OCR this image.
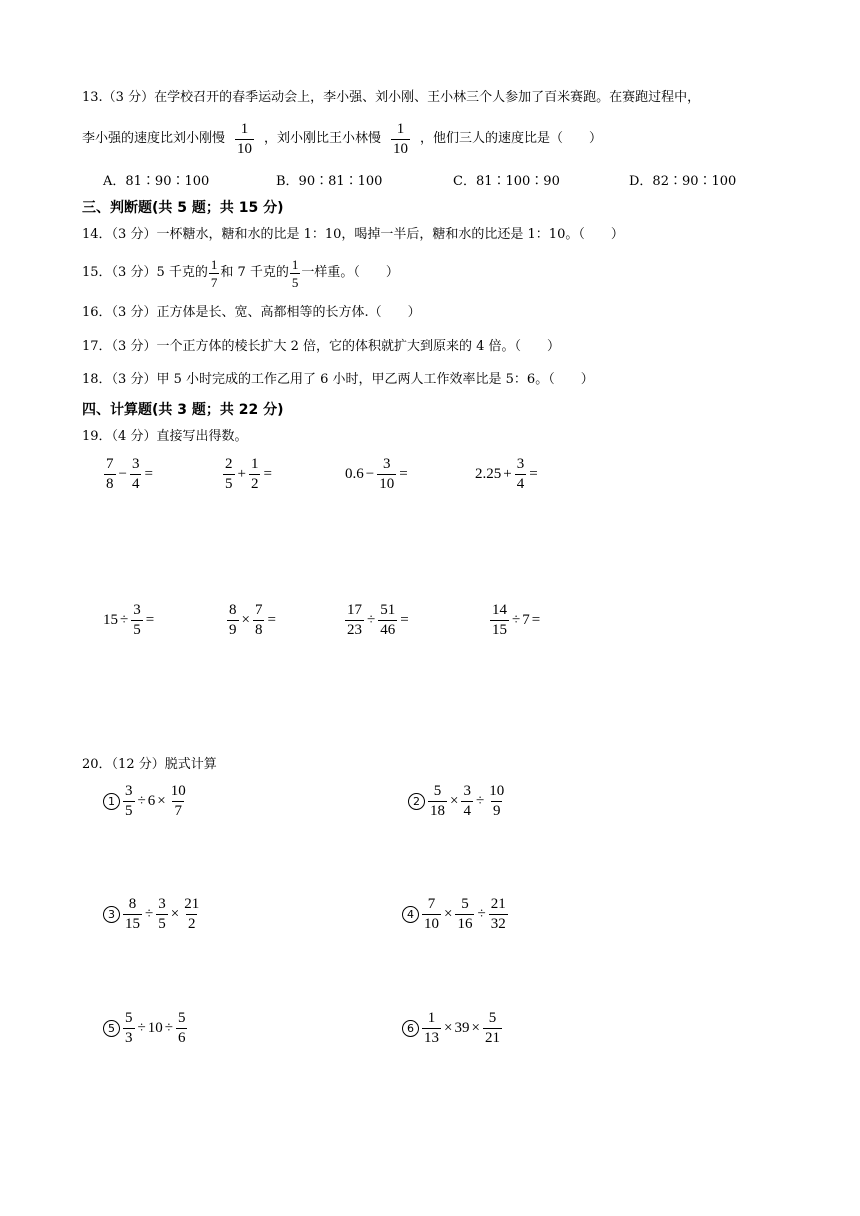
13.（3 分）在学校召开的春季运动会上，李小强、刘小刚、王小林三个人参加了百米赛跑。在赛跑过程中，
李小强的速度比刘小刚慢 $\frac{1}{10}$ ，刘小刚比王小林慢 $\frac{1}{10}$ ，他们三人的速度比是（　　）
A．81∶90∶100	B．90∶81∶100	C．81∶100∶90	D．82∶90∶100
三、判断题(共 5 题；共 15 分)
14．（3 分）一杯糖水，糖和水的比是 1：10，喝掉一半后，糖和水的比还是 1：10。（　　）
15．（3 分）5 千克的 $\frac{1}{7}$ 和 7 千克的 $\frac{1}{5}$ 一样重。（　　）
16．（3 分）正方体是长、宽、高都相等的长方体.（　　）
17．（3 分）一个正方体的棱长扩大 2 倍，它的体积就扩大到原来的 4 倍。（　　）
18．（3 分）甲 5 小时完成的工作乙用了 6 小时，甲乙两人工作效率比是 5：6。（　　）
四、计算题(共 3 题；共 22 分)
19．（4 分）直接写出得数。
$\frac{7}{8} - \frac{3}{4}$ =	$\frac{2}{5} + \frac{1}{2}$ =	$0.6 - \frac{3}{10}$ =	$2.25 + \frac{3}{4}$ =
$15 \div \frac{3}{5}$ =	$\frac{8}{9} \times \frac{7}{8}$ =	$\frac{17}{23} \div \frac{51}{46}$ =	$\frac{14}{15} \div 7$ =
20．（12 分）脱式计算
$1 \frac{3}{5} \div 6 \times \frac{10}{7}$	$2 \frac{5}{18} \times \frac{3}{4} \div \frac{10}{9}$
$3 \frac{8}{15} \div \frac{3}{5} \times \frac{21}{2}$	$4 \frac{7}{10} \times \frac{5}{16} \div \frac{21}{32}$
$5 \frac{5}{3} \div 10 \div \frac{5}{6}$	$6 \frac{1}{13} \times 39 \times \frac{5}{21}$
